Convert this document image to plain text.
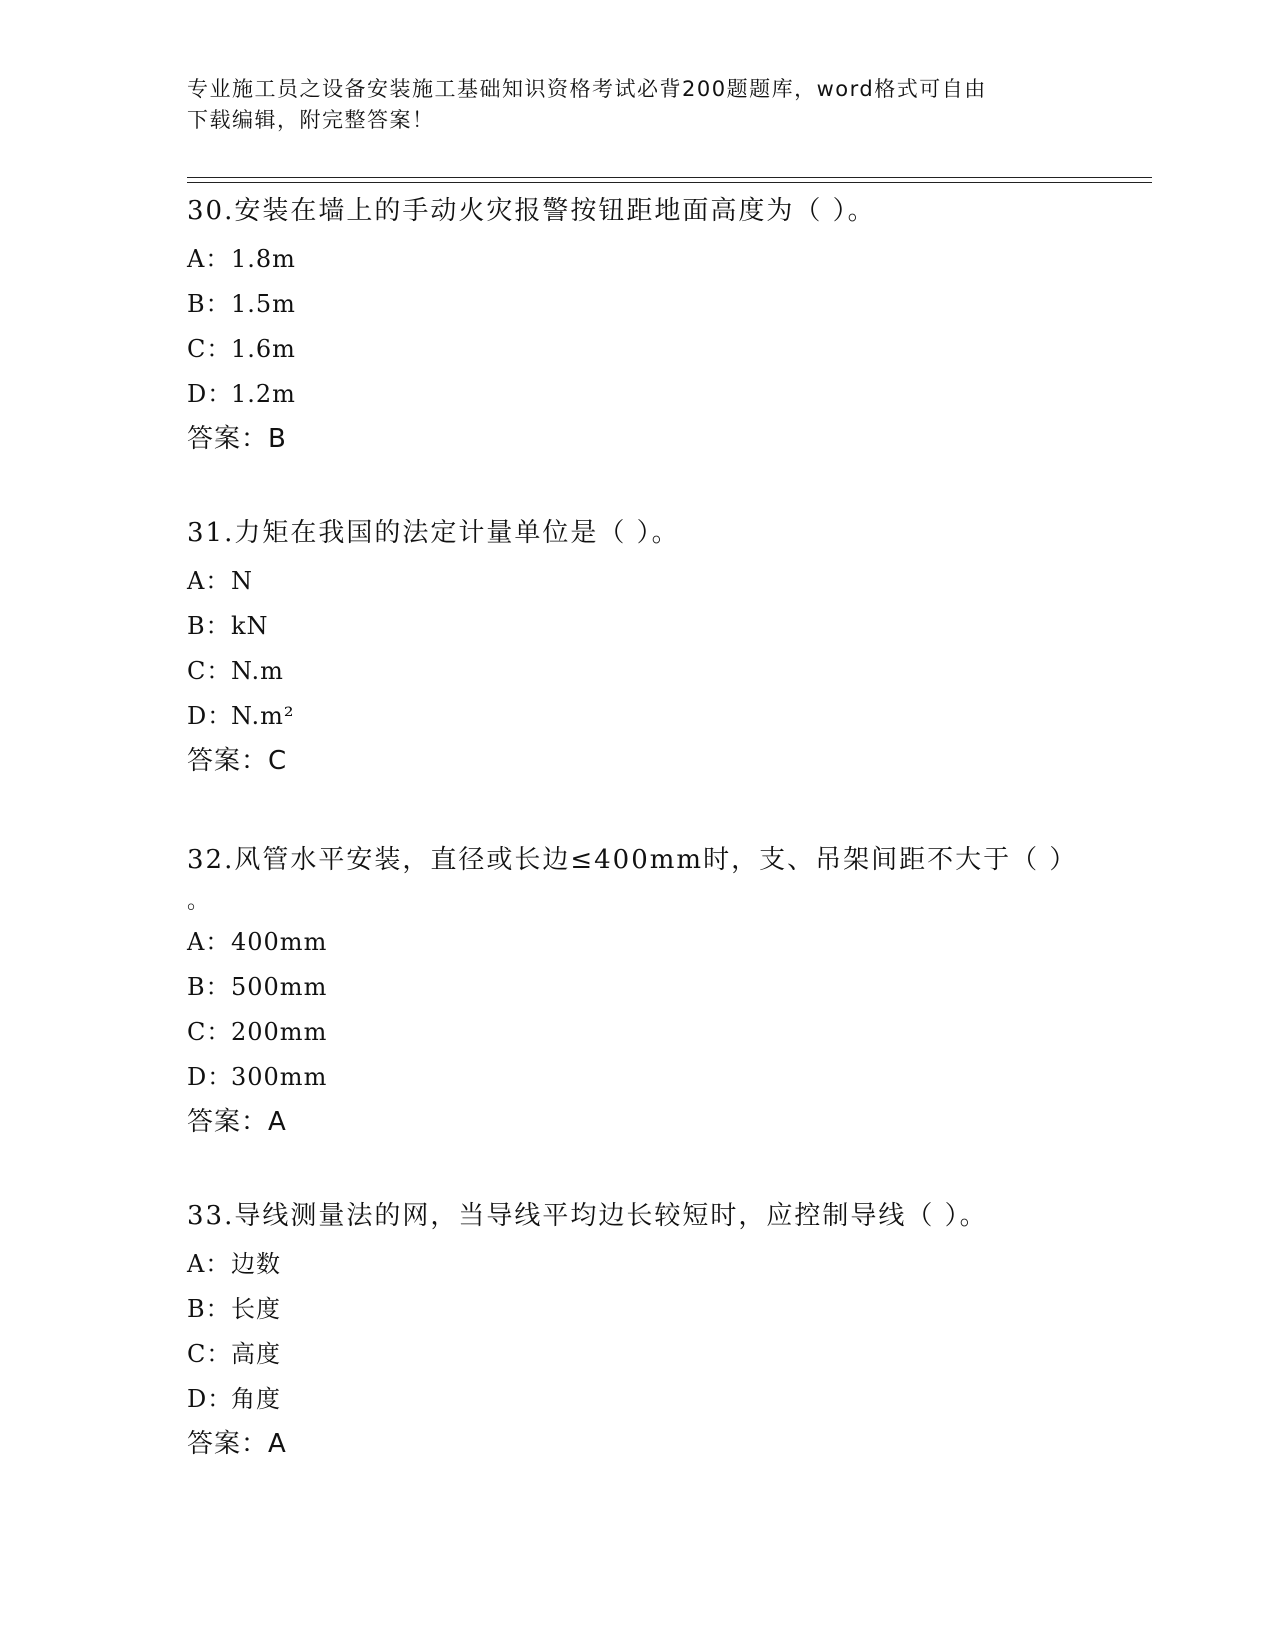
专业施工员之设备安装施工基础知识资格考试必背200题题库，word格式可自由
下载编辑，附完整答案！
30.安装在墙上的手动火灾报警按钮距地面高度为（ ）。
A：1.8m
B：1.5m
C：1.6m
D：1.2m
答案：B
31.力矩在我国的法定计量单位是（ ）。
A：N
B：kN
C：N.m
D：N.m²
答案：C
32.风管水平安装，直径或长边≤400mm时，支、吊架间距不大于（ ）
。
A：400mm
B：500mm
C：200mm
D：300mm
答案：A
33.导线测量法的网，当导线平均边长较短时，应控制导线（ ）。
A：边数
B：长度
C：高度
D：角度
答案：A
